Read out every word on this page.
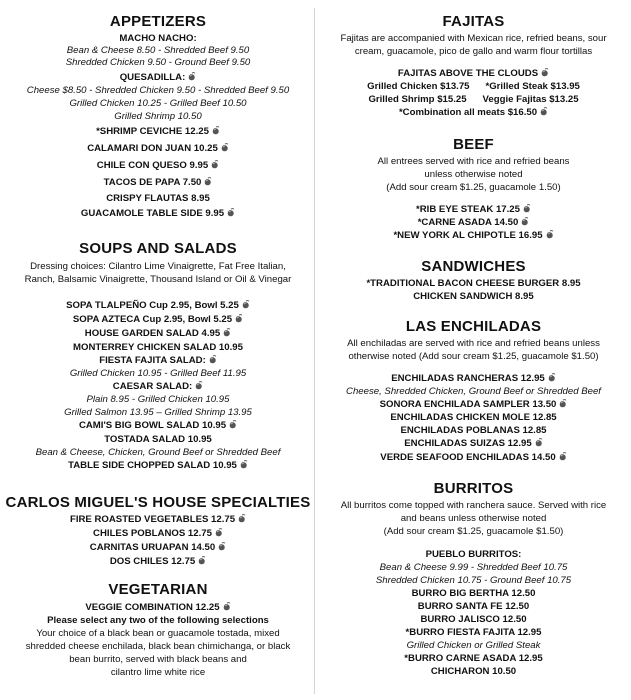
APPETIZERS
MACHO NACHO:
Bean & Cheese 8.50 - Shredded Beef 9.50
Shredded Chicken 9.50 - Ground Beef 9.50
QUESADILLA:
Cheese $8.50 - Shredded Chicken 9.50 - Shredded Beef 9.50
Grilled Chicken 10.25 - Grilled Beef 10.50
Grilled Shrimp 10.50
*SHRIMP CEVICHE 12.25
CALAMARI DON JUAN 10.25
CHILE CON QUESO 9.95
TACOS DE PAPA 7.50
CRISPY FLAUTAS 8.95
GUACAMOLE TABLE SIDE 9.95
SOUPS AND SALADS
Dressing choices: Cilantro Lime Vinaigrette, Fat Free Italian,
Ranch, Balsamic Vinaigrette, Thousand Island or Oil & Vinegar
SOPA TLALPEÑO Cup 2.95, Bowl 5.25
SOPA AZTECA Cup 2.95, Bowl 5.25
HOUSE GARDEN SALAD 4.95
MONTERREY CHICKEN SALAD 10.95
FIESTA FAJITA SALAD:
Grilled Chicken 10.95 - Grilled Beef 11.95
CAESAR SALAD:
Plain 8.95 - Grilled Chicken 10.95
Grilled Salmon 13.95 – Grilled Shrimp 13.95
CAMI'S BIG BOWL SALAD 10.95
TOSTADA SALAD 10.95
Bean & Cheese, Chicken, Ground Beef or Shredded Beef
TABLE SIDE CHOPPED SALAD 10.95
CARLOS MIGUEL'S HOUSE SPECIALTIES
FIRE ROASTED VEGETABLES 12.75
CHILES POBLANOS 12.75
CARNITAS URUAPAN 14.50
DOS CHILES 12.75
VEGETARIAN
VEGGIE COMBINATION 12.25
Please select any two of the following selections
Your choice of a black bean or guacamole tostada, mixed
shredded cheese enchilada, black bean chimichanga, or black
bean burrito, served with black beans and
cilantro lime white rice
FAJITAS
Fajitas are accompanied with Mexican rice, refried beans, sour
cream, guacamole, pico de gallo and warm flour tortillas
FAJITAS ABOVE THE CLOUDS
Grilled Chicken $13.75      *Grilled Steak $13.95
Grilled Shrimp $15.25      Veggie Fajitas $13.25
*Combination all meats $16.50
BEEF
All entrees served with rice and refried beans
unless otherwise noted
(Add sour cream $1.25, guacamole 1.50)
*RIB EYE STEAK 17.25
*CARNE ASADA 14.50
*NEW YORK AL CHIPOTLE 16.95
SANDWICHES
*TRADITIONAL BACON CHEESE BURGER 8.95
CHICKEN SANDWICH 8.95
LAS ENCHILADAS
All enchiladas are served with rice and refried beans unless
otherwise noted (Add sour cream $1.25, guacamole $1.50)
ENCHILADAS RANCHERAS 12.95
Cheese, Shredded Chicken, Ground Beef or Shredded Beef
SONORA ENCHILADA SAMPLER 13.50
ENCHILADAS CHICKEN MOLE 12.85
ENCHILADAS POBLANAS 12.85
ENCHILADAS SUIZAS 12.95
VERDE SEAFOOD ENCHILADAS 14.50
BURRITOS
All burritos come topped with ranchera sauce. Served with rice
and beans unless otherwise noted
(Add sour cream $1.25, guacamole $1.50)
PUEBLO BURRITOS:
Bean & Cheese 9.99 - Shredded Beef 10.75
Shredded Chicken 10.75 - Ground Beef 10.75
BURRO BIG BERTHA 12.50
BURRO SANTA FE 12.50
BURRO JALISCO 12.50
*BURRO FIESTA FAJITA 12.95
Grilled Chicken or Grilled Steak
*BURRO CARNE ASADA 12.95
CHICHARON 10.50
